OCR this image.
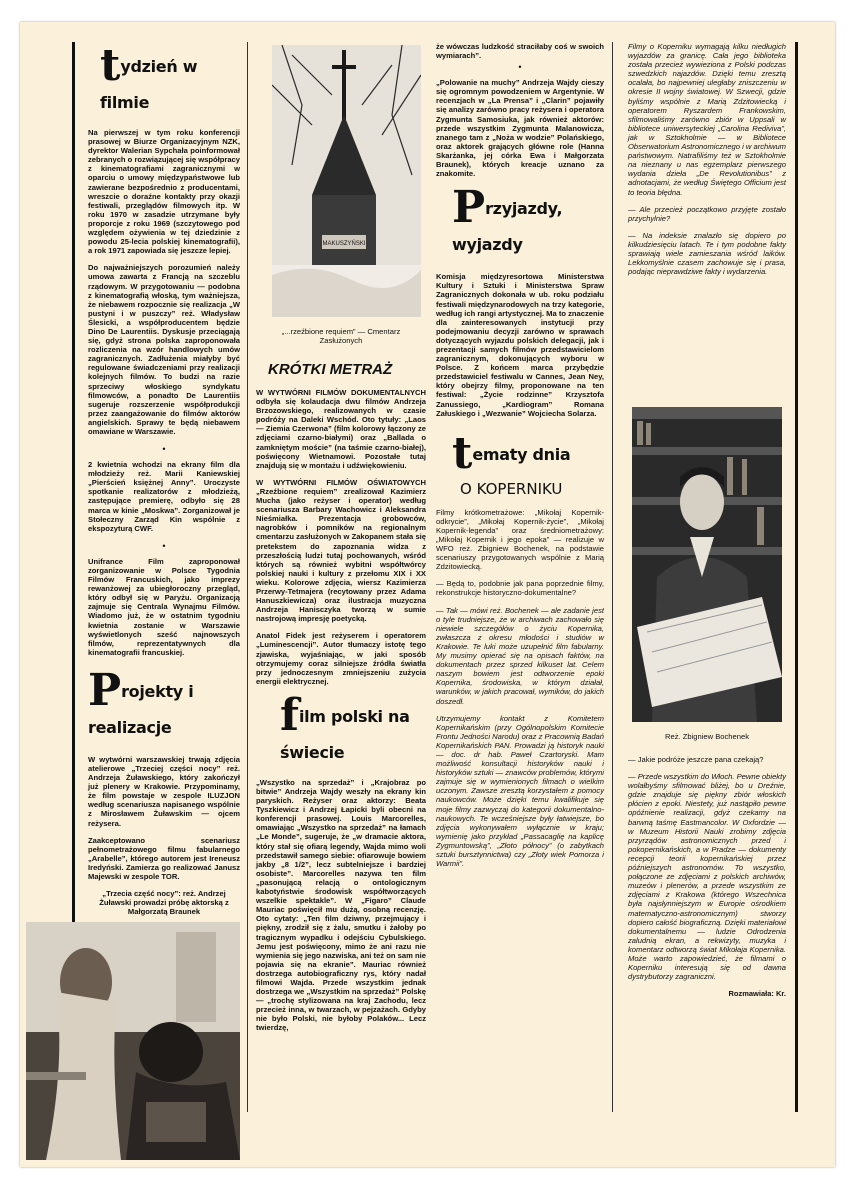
tydzień w filmie

Na pierwszej w tym roku konferencji prasowej w Biurze Organizacyjnym NZK, dyrektor Walerian Sypchała poinformował zebranych o rozwiązującej się współpracy z kinematografiami zagranicznymi w oparciu o umowy międzypaństwowe lub zawierane bezpośrednio z producentami, wreszcie o doraźne kontakty przy okazji festiwali, przeglądów filmowych itp. W roku 1970 w zasadzie utrzymane były proporcje z roku 1969 (szczytowego pod względem ożywienia w tej dziedzinie z powodu 25-lecia polskiej kinematografii), a rok 1971 zapowiada się jeszcze lepiej.

Do najważniejszych porozumień należy umowa zawarta z Francją na szczeblu rządowym. W przygotowaniu — podobna z kinematografią włoską, tym ważniejsza, że niebawem rozpocznie się realizacja „W pustyni i w puszczy” reż. Władysław Ślesicki, a współproducentem będzie Dino De Laurentiis. Dyskusje przeciągają się, gdyż strona polska zaproponowała rozliczenia na wzór handlowych umów zagranicznych. Zadłużenia miałyby być regulowane świadczeniami przy realizacji kolejnych filmów. To budzi na razie sprzeciwy włoskiego syndykatu filmowców, a ponadto De Laurentiis sugeruje rozszerzenie współprodukcji przez zaangażowanie do filmów aktorów angielskich. Sprawy te będą niebawem omawiane w Warszawie.

•

2 kwietnia wchodzi na ekrany film dla młodzieży reż. Marii Kaniewskiej „Pierścień księżnej Anny”. Uroczyste spotkanie realizatorów z młodzieżą, zastępujące premierę, odbyło się 28 marca w kinie „Moskwa”. Zorganizował je Stołeczny Zarząd Kin wspólnie z ekspozyturą CWF.

•

Unifrance Film zaproponował zorganizowanie w Polsce Tygodnia Filmów Francuskich, jako imprezy rewanżowej za ubiegłoroczny przegląd, który odbył się w Paryżu. Organizacją zajmuje się Centrala Wynajmu Filmów. Wiadomo już, że w ostatnim tygodniu kwietnia zostanie w Warszawie wyświetlonych sześć najnowszych filmów, reprezentatywnych dla kinematografii francuskiej.

Projekty i realizacje

W wytwórni warszawskiej trwają zdjęcia atelierowe „Trzeciej części nocy” reż. Andrzeja Żuławskiego, który zakończył już plenery w Krakowie. Przypominamy, że film powstaje w zespole ILUZJON według scenariusza napisanego wspólnie z Mirosławem Żuławskim — ojcem reżysera.

Zaakceptowano scenariusz pełnometrażowego filmu fabularnego „Arabelle”, którego autorem jest Ireneusz Iredyński. Zamierza go realizować Janusz Majewski w zespole TOR.

„Trzecia część nocy”: reż. Andrzej Żuławski prowadzi próbę aktorską z Małgorzatą Braunek

MAKUSZYŃSKI

„...rzeźbione requiem” — Cmentarz Zasłużonych

KRÓTKI METRAŻ

W WYTWÓRNI FILMÓW DOKUMENTALNYCH odbyła się kolaudacja dwu filmów Andrzeja Brzozowskiego, realizowanych w czasie podróży na Daleki Wschód. Oto tytuły: „Laos — Ziemia Czerwona” (film kolorowy łączony ze zdjęciami czarno-białymi) oraz „Ballada o zamkniętym moście” (na taśmie czarno-białej), poświęcony Wietnamowi. Pozostałe tutaj znajdują się w montażu i udźwiękowieniu.

W WYTWÓRNI FILMÓW OŚWIATOWYCH „Rzeźbione requiem” zrealizował Kazimierz Mucha (jako reżyser i operator) według scenariusza Barbary Wachowicz i Aleksandra Nieśmiałka. Prezentacja grobowców, nagrobków i pomników na regionalnym cmentarzu zasłużonych w Zakopanem stała się pretekstem do zapoznania widza z przeszłością ludzi tutaj pochowanych, wśród których są również wybitni współtwórcy polskiej nauki i kultury z przełomu XIX i XX wieku. Kolorowe zdjęcia, wiersz Kazimierza Przerwy-Tetmajera (recytowany przez Adama Hanuszkiewicza) oraz ilustracja muzyczna Andrzeja Hanisczyka tworzą w sumie nastrojową impresję poetycką.

Anatol Fidek jest reżyserem i operatorem „Luminescencji”. Autor tłumaczy istotę tego zjawiska, wyjaśniając, w jaki sposób otrzymujemy coraz silniejsze źródła światła przy jednoczesnym zmniejszeniu zużycia energii elektrycznej.

film polski na świecie

„Wszystko na sprzedaż” i „Krajobraz po bitwie” Andrzeja Wajdy weszły na ekrany kin paryskich. Reżyser oraz aktorzy: Beata Tyszkiewicz i Andrzej Łapicki byli obecni na konferencji prasowej. Louis Marcorelles, omawiając „Wszystko na sprzedaż” na łamach „Le Monde”, sugeruje, że „w dramacie aktora, który stał się ofiarą legendy, Wajda mimo woli przedstawił samego siebie: ofiarowuje bowiem jakby „8 1/2”, lecz subtelniejsze i bardziej osobiste”. Marcorelles nazywa ten film „pasonującą relacją o ontologicznym kabotyństwie środowisk współtworzących wszelkie spektakle”. W „Figaro” Claude Mauriac poświęcił mu dużą, osobną recenzję. Oto cytaty: „Ten film dziwny, przejmujący i piękny, zrodził się z żalu, smutku i żałoby po tragicznym wypadku i odejściu Cybulskiego. Jemu jest poświęcony, mimo że ani razu nie wymienia się jego nazwiska, ani też on sam nie pojawia się na ekranie”. Mauriac również dostrzega autobiograficzny rys, który nadał filmowi Wajda. Przede wszystkim jednak dostrzega we „Wszystkim na sprzedaż” Polskę — „trochę stylizowana na kraj Zachodu, lecz przecież inna, w twarzach, w pejzażach. Gdyby nie było Polski, nie byłoby Polaków... Lecz twierdzę,

że wówczas ludzkość straciłaby coś w swoich wymiarach”.

•

„Polowanie na muchy” Andrzeja Wajdy cieszy się ogromnym powodzeniem w Argentynie. W recenzjach w „La Prensa” i „Clarin” pojawiły się analizy zarówno pracy reżysera i operatora Zygmunta Samosiuka, jak również aktorów: przede wszystkim Zygmunta Malanowicza, znanego tam z „Noża w wodzie” Polańskiego, oraz aktorek grających główne role (Hanna Skarżanka, jej córka Ewa i Małgorzata Braunek), których kreacje uznano za znakomite.

Przyjazdy, wyjazdy

Komisja międzyresortowa Ministerstwa Kultury i Sztuki i Ministerstwa Spraw Zagranicznych dokonała w ub. roku podziału festiwali międzynarodowych na trzy kategorie, według ich rangi artystycznej. Ma to znaczenie dla zainteresowanych instytucji przy podejmowaniu decyzji zarówno w sprawach dotyczących wyjazdu polskich delegacji, jak i prezentacji samych filmów przedstawicielom zagranicznym, dokonujących wyboru w Polsce. Z końcem marca przybędzie przedstawiciel festiwalu w Cannes, Jean Ney, który obejrzy filmy, proponowane na ten festiwal: „Życie rodzinne” Krzysztofa Zanussiego, „Kardiogram” Romana Załuskiego i „Wezwanie” Wojciecha Solarza.

tematy dnia
O KOPERNIKU

Filmy krótkometrażowe: „Mikołaj Kopernik-odkrycie”, „Mikołaj Kopernik-życie”, „Mikołaj Kopernik-legenda” oraz średniometrażowy: „Mikołaj Kopernik i jego epoka” — realizuje w WFO reż. Zbigniew Bochenek, na podstawie scenariuszy przygotowanych wspólnie z Marią Zdzitowiecką.

— Będą to, podobnie jak pana poprzednie filmy, rekonstrukcje historyczno-dokumentalne?

— Tak — mówi reż. Bochenek — ale zadanie jest o tyle trudniejsze, że w archiwach zachowało się niewiele szczegółów o życiu Kopernika, zwłaszcza z okresu młodości i studiów w Krakowie. Te luki może uzupełnić film fabularny. My musimy opierać się na opisach faktów, na dokumentach przez sprzed kilkuset lat. Celem naszym bowiem jest odtworzenie epoki Kopernika, środowiska, w którym działał, warunków, w jakich pracował, wymików, do jakich doszedł.

Utrzymujemy kontakt z Komitetem Kopernikańskim (przy Ogólnopolskim Komitecie Frontu Jedności Narodu) oraz z Pracownią Badań Kopernikańskich PAN. Prowadzi ją historyk nauki — doc. dr hab. Paweł Czartoryski. Mam możliwość konsultacji historyków nauki i historyków sztuki — znawców problemów, którymi zajmuje się w wymienionych filmach o wielkim uczonym. Zawsze zresztą korzystałem z pomocy naukowców. Może dzięki temu kwalifikuje się moje filmy zazwyczaj do kategorii dokumentalno-naukowych. Te wcześniejsze były łatwiejsze, bo zdjęcia wykonywałem wyłącznie w kraju; wymienię jako przykład „Passacaglię na kaplicę Zygmuntowską”, „Złoto północy” (o zabytkach sztuki bursztynnictwa) czy „Złoty wiek Pomorza i Warmii”.

Filmy o Koperniku wymagają kilku niedługich wyjazdów za granicę. Cała jego biblioteka została przecież wywieziona z Polski podczas szwedzkich najazdów. Dzięki temu zresztą ocalała, bo najpewniej uległaby zniszczeniu w okresie II wojny światowej. W Szwecji, gdzie byliśmy wspólnie z Marią Zdzitowiecką i operatorem Ryszardem Frankowskim, sfilmowaliśmy zarówno zbiór w Uppsali w bibliotece uniwersyteckiej „Carolina Rediviva”, jak w Sztokholmie — w Bibliotece Obserwatorium Astronomicznego i w archiwum państwowym. Natrafiliśmy też w Sztokholmie na nieznany u nas egzemplarz pierwszego wydania dzieła „De Revolutionibus” z adnotacjami, że według Świętego Officium jest to teoria błędna.

— Ale przecież początkowo przyjęte zostało przychylnie?

— Na indeksie znalazło się dopiero po kilkudziesięciu latach. Te i tym podobne fakty sprawiają wiele zamieszania wśród laików. Lekkomyślnie czasem zachowuje się i prasa, podając nieprawdziwe fakty i wydarzenia.

Reż. Zbigniew Bochenek

— Jakie podróże jeszcze pana czekają?

— Przede wszystkim do Włoch. Pewne obiekty wolałbyśmy sfilmować bliżej, bo u Dreźnie, gdzie znajduje się piękny zbiór włoskich płócien z epoki. Niestety, już nastąpiło pewne opóźnienie realizacji, gdyż czekamy na barwną taśmę Eastmancolor. W Oxfordzie — w Muzeum Historii Nauki zrobimy zdjęcia przyrządów astronomicznych przed i pokopernikańskich, a w Pradze — dokumenty recepcji teorii kopernikańskiej przez późniejszych astronomów. To wszystko, połączone ze zdjęciami z polskich archiwów, muzeów i plenerów, a przede wszystkim ze zdjęciami z Krakowa (którego Wszechnica była najsłynniejszym w Europie ośrodkiem matematyczno-astronomicznym) stworzy dopiero całość biograficzną. Dzięki materiałowi dokumentalnemu — ludzie Odrodzenia zaludnią ekran, a rekwizyty, muzyka i komentarz odtworzą świat Mikołaja Kopernika. Może warto zapowiedzieć, że filmami o Koperniku interesują się od dawna dystrybutorzy zagraniczni.

Rozmawiała: Kr.
